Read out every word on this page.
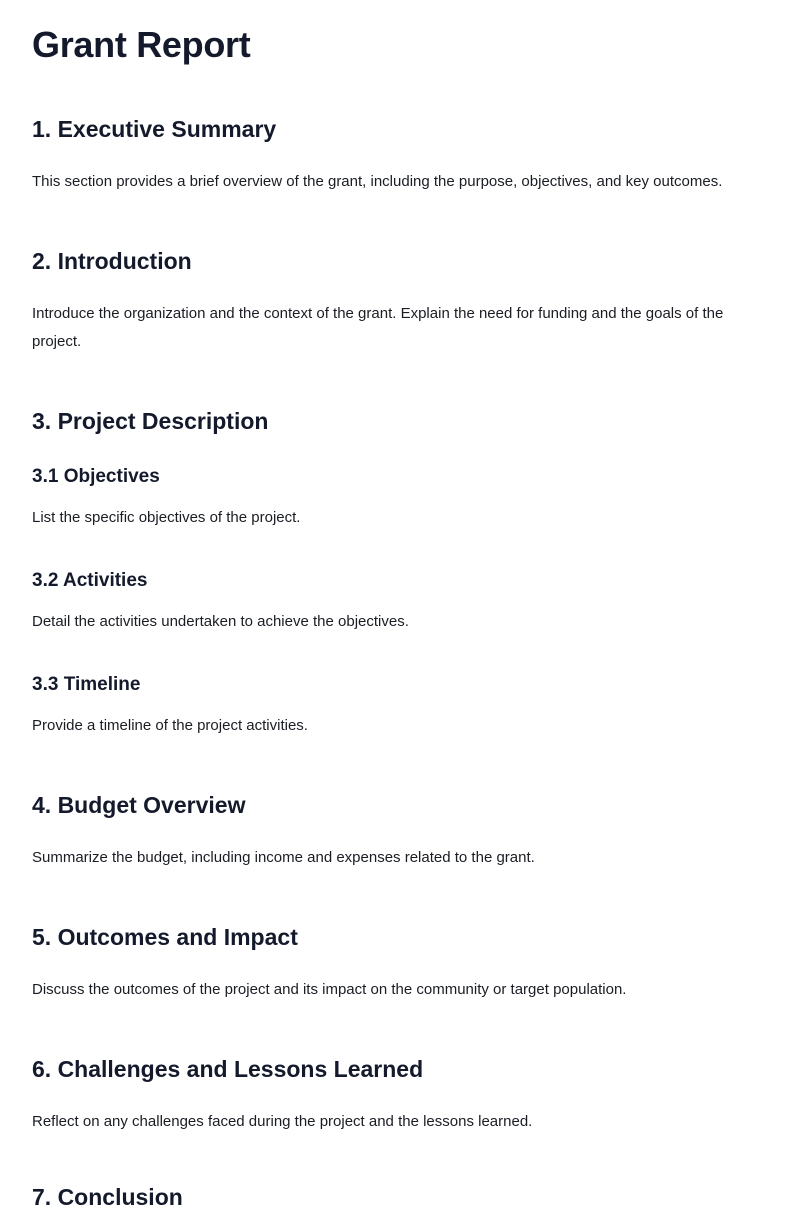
Grant Report
1. Executive Summary

This section provides a brief overview of the grant, including the purpose, objectives, and key outcomes.

2. Introduction

Introduce the organization and the context of the grant. Explain the need for funding and the goals of the project.

3. Project Description
3.1 Objectives

List the specific objectives of the project.

3.2 Activities

Detail the activities undertaken to achieve the objectives.

3.3 Timeline

Provide a timeline of the project activities.

4. Budget Overview

Summarize the budget, including income and expenses related to the grant.

5. Outcomes and Impact

Discuss the outcomes of the project and its impact on the community or target population.

6. Challenges and Lessons Learned

Reflect on any challenges faced during the project and the lessons learned.

7. Conclusion
